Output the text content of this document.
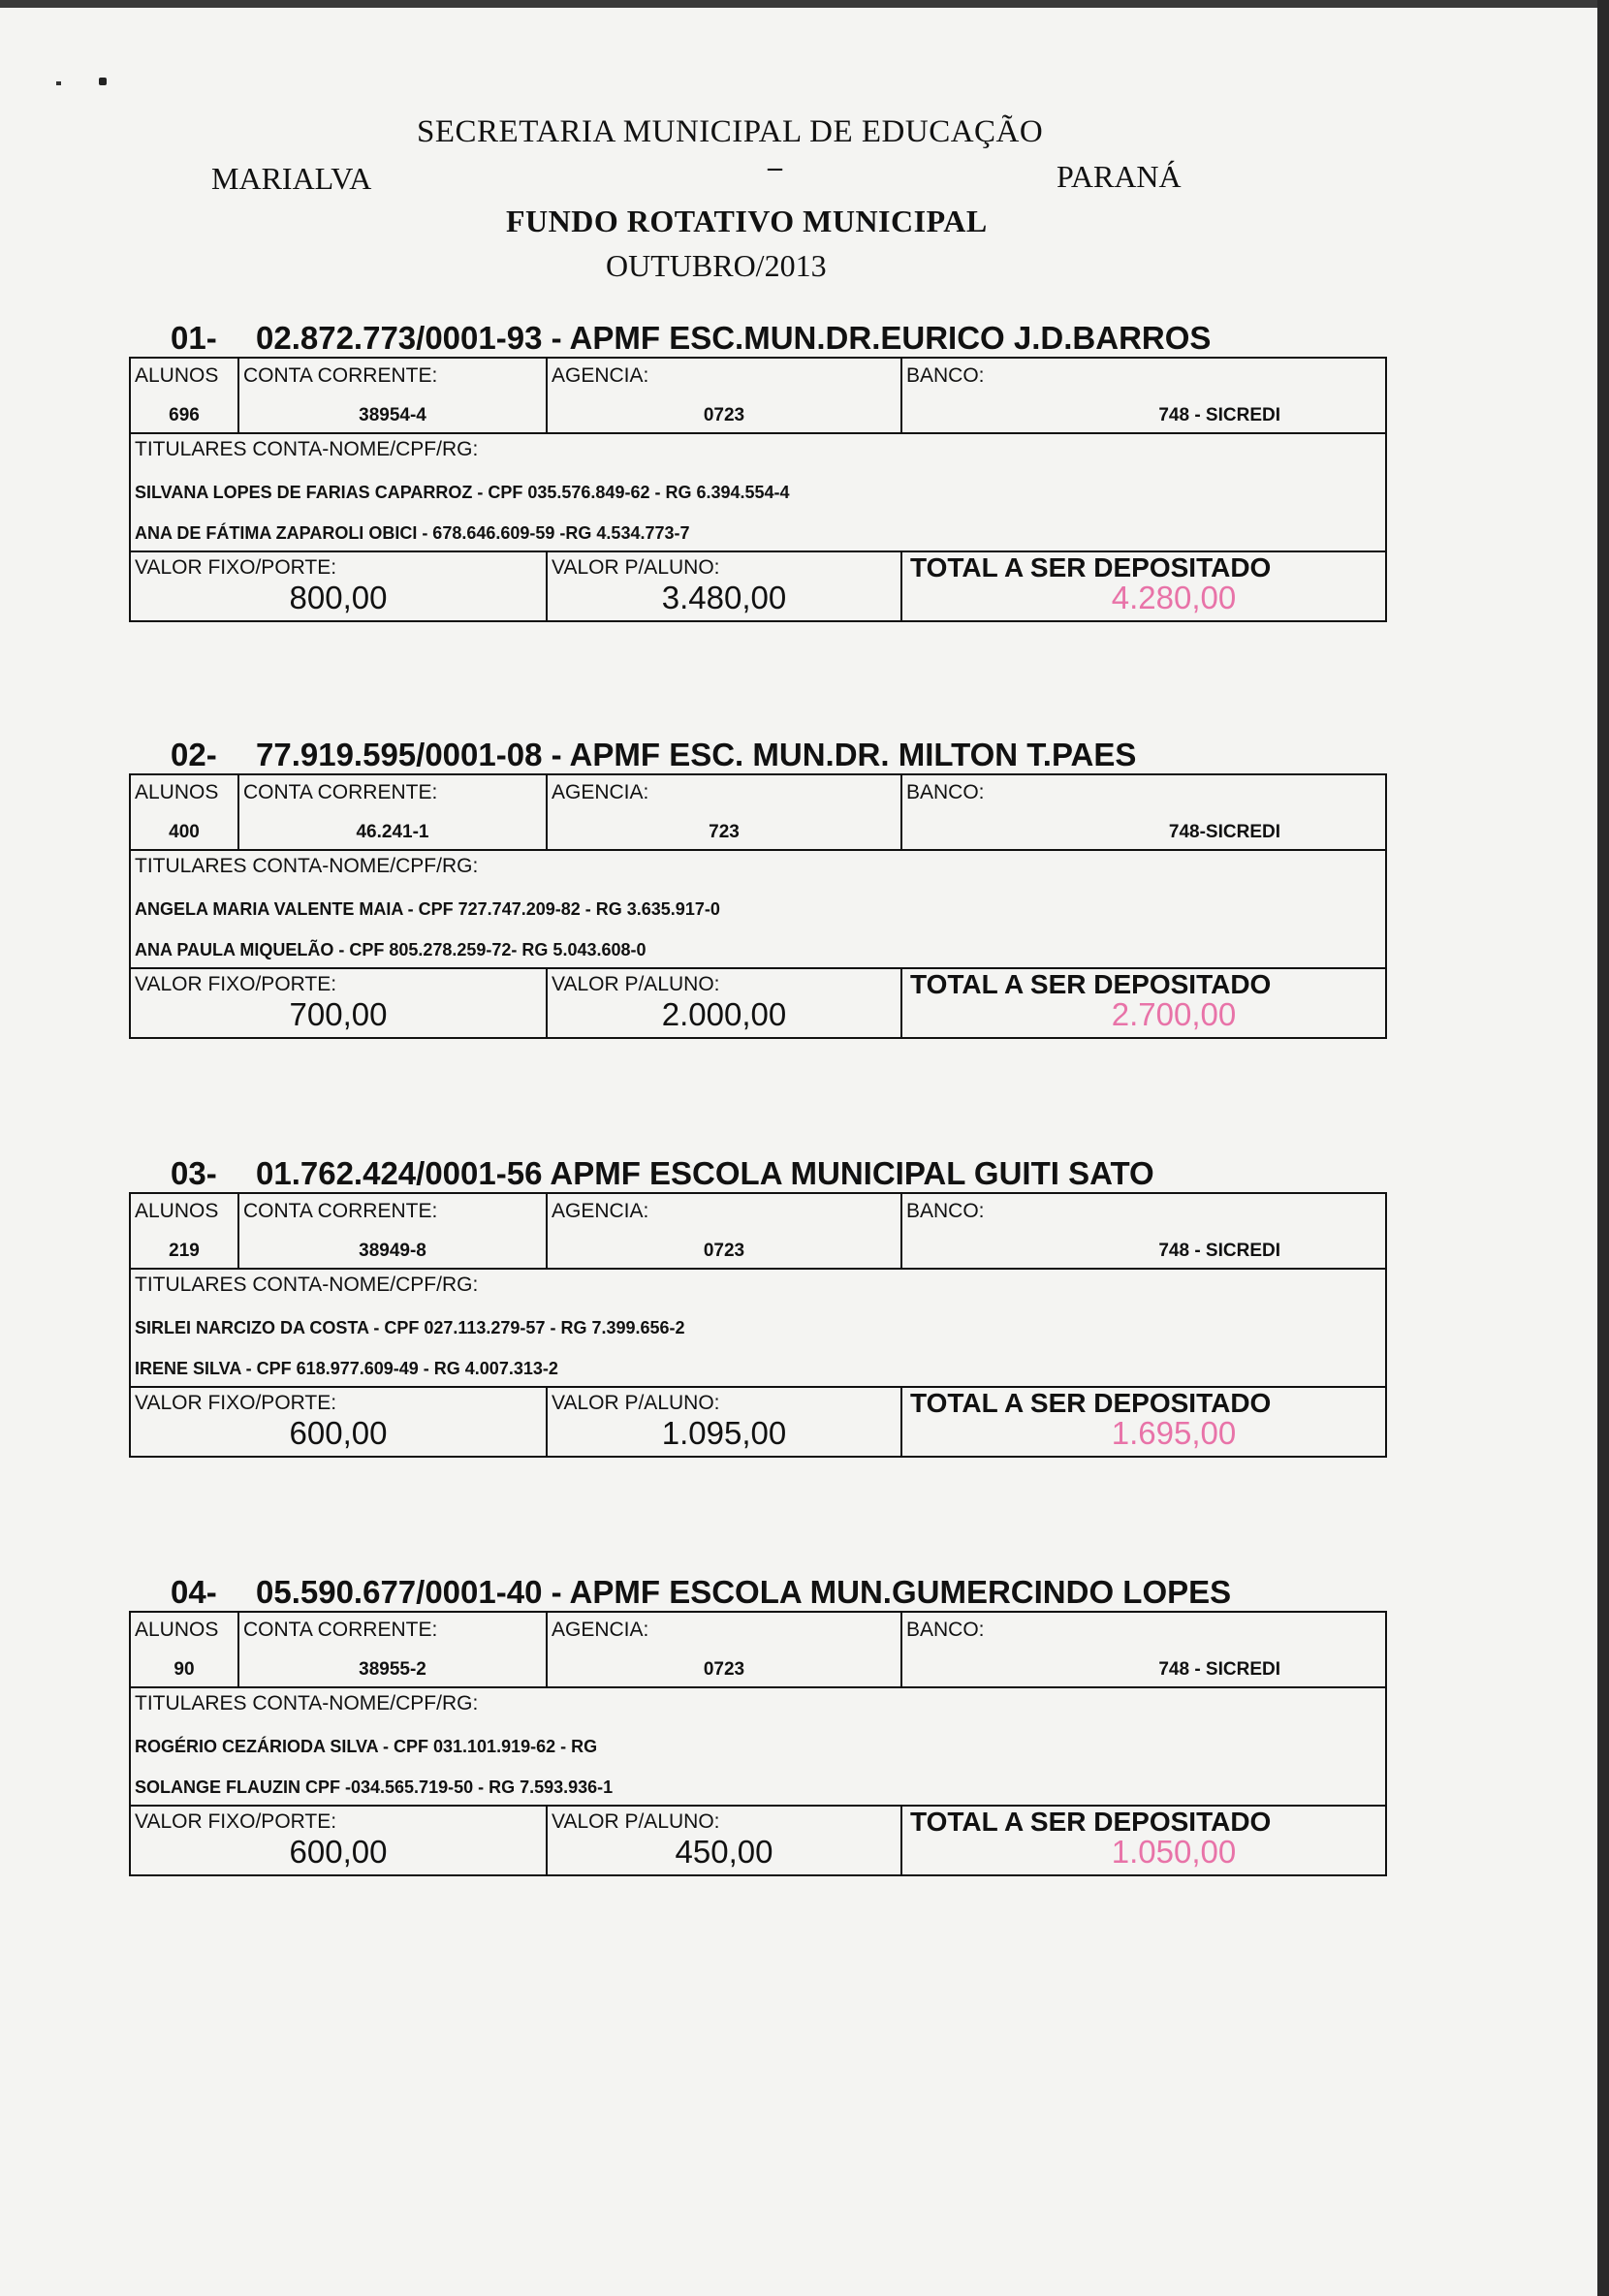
SECRETARIA MUNICIPAL DE EDUCAÇÃO
MARIALVA	–	PARANÁ
FUNDO ROTATIVO MUNICIPAL
OUTUBRO/2013
01- 02.872.773/0001-93 - APMF ESC.MUN.DR.EURICO J.D.BARROS
ALUNOS
696
CONTA CORRENTE:
38954-4
AGENCIA:
0723
BANCO:
748 - SICREDI
TITULARES CONTA-NOME/CPF/RG:
SILVANA LOPES DE FARIAS CAPARROZ - CPF 035.576.849-62 - RG 6.394.554-4
ANA DE FÁTIMA ZAPAROLI OBICI - 678.646.609-59 -RG 4.534.773-7
VALOR FIXO/PORTE:
800,00
VALOR P/ALUNO:
3.480,00
TOTAL A SER DEPOSITADO
4.280,00
02- 77.919.595/0001-08 - APMF ESC. MUN.DR. MILTON T.PAES
ALUNOS
400
CONTA CORRENTE:
46.241-1
AGENCIA:
723
BANCO:
748-SICREDI
TITULARES CONTA-NOME/CPF/RG:
ANGELA MARIA VALENTE MAIA - CPF 727.747.209-82 - RG 3.635.917-0
ANA PAULA MIQUELÃO - CPF 805.278.259-72- RG 5.043.608-0
VALOR FIXO/PORTE:
700,00
VALOR P/ALUNO:
2.000,00
TOTAL A SER DEPOSITADO
2.700,00
03- 01.762.424/0001-56 APMF ESCOLA MUNICIPAL GUITI SATO
ALUNOS
219
CONTA CORRENTE:
38949-8
AGENCIA:
0723
BANCO:
748 - SICREDI
TITULARES CONTA-NOME/CPF/RG:
SIRLEI NARCIZO DA COSTA - CPF 027.113.279-57 - RG 7.399.656-2
IRENE SILVA - CPF 618.977.609-49 - RG 4.007.313-2
VALOR FIXO/PORTE:
600,00
VALOR P/ALUNO:
1.095,00
TOTAL A SER DEPOSITADO
1.695,00
04- 05.590.677/0001-40 - APMF ESCOLA MUN.GUMERCINDO LOPES
ALUNOS
90
CONTA CORRENTE:
38955-2
AGENCIA:
0723
BANCO:
748 - SICREDI
TITULARES CONTA-NOME/CPF/RG:
ROGÉRIO CEZÁRIODA SILVA - CPF 031.101.919-62 - RG
SOLANGE FLAUZIN CPF -034.565.719-50 - RG 7.593.936-1
VALOR FIXO/PORTE:
600,00
VALOR P/ALUNO:
450,00
TOTAL A SER DEPOSITADO
1.050,00
